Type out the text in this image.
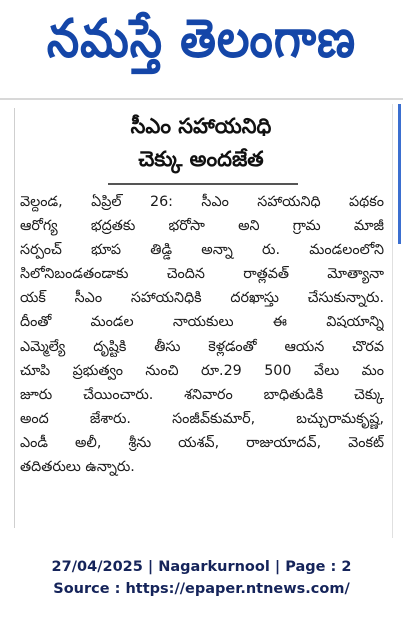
నమస్తే తెలంగాణ
సీఎం సహాయనిధి
చెక్కు అందజేత
వెల్దండ, ఏప్రిల్ 26: సీఎం సహాయనిధి పథకం
ఆరోగ్య భద్రతకు భరోసా అని గ్రామ మాజీ
సర్పంచ్ భూప తిడ్డి అన్నా రు. మండలంలోని
సిలోనిబండతండాకు చెందిన రాత్లవత్ మోత్యానా
యక్ సీఎం సహాయనిధికి దరఖాస్తు చేసుకున్నారు.
దీంతో మండల నాయకులు ఈ విషయాన్ని
ఎమ్మెల్యే దృష్టికి తీసు కెళ్లడంతో ఆయన చొరవ
చూపి ప్రభుత్వం నుంచి రూ.29 500 వేలు మం
జూరు చేయించారు. శనివారం బాధితుడికి చెక్కు
అంద జేశారు. సంజీవ్‌కుమార్, బచ్చురామకృష్ణ,
ఎండీ అలీ, శ్రీను యశవ్, రాజుయాదవ్, వెంకట్
తదితరులు ఉన్నారు.
27/04/2025 | Nagarkurnool | Page : 2
Source : https://epaper.ntnews.com/
